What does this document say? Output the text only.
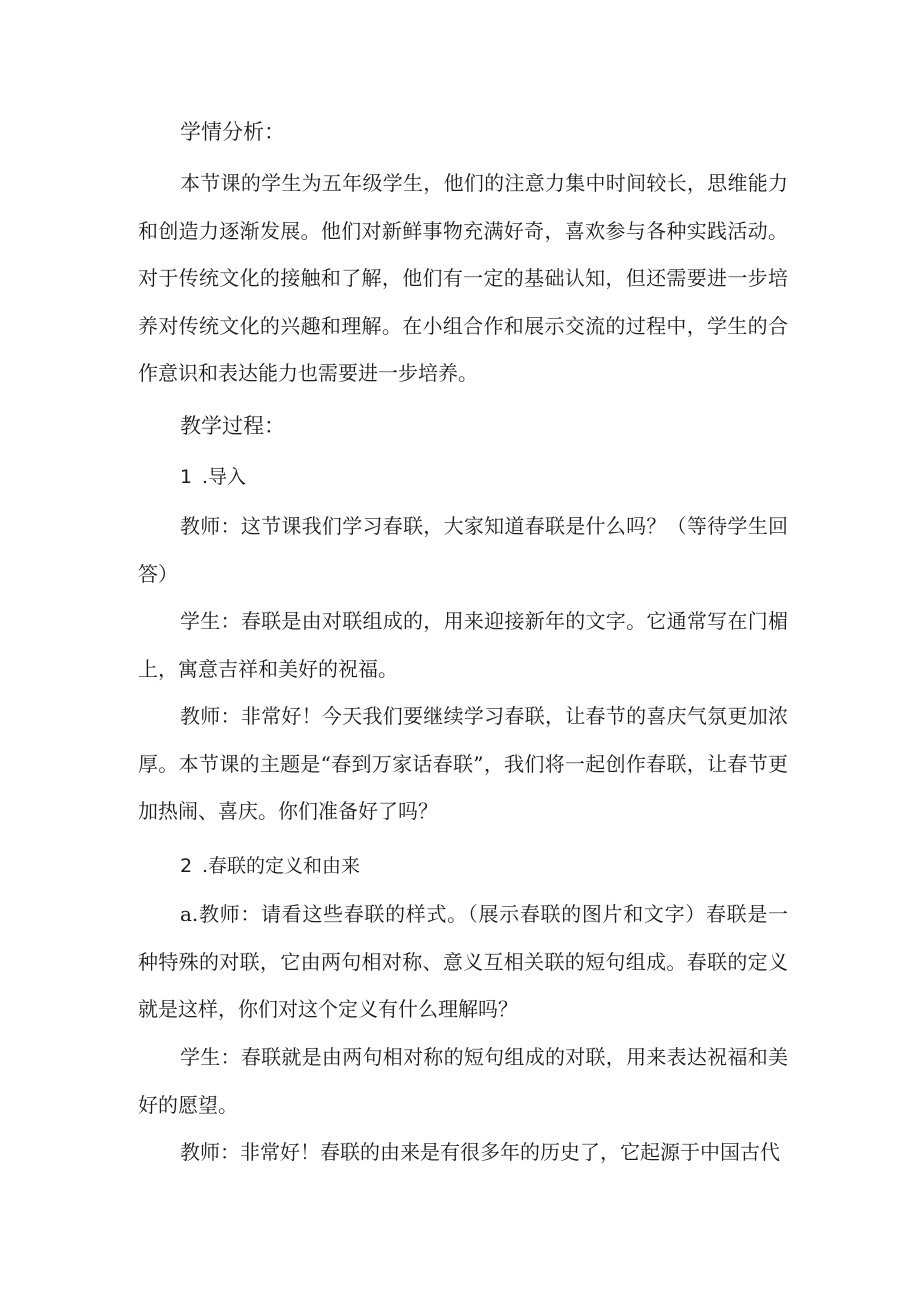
学情分析：

本节课的学生为五年级学生，他们的注意力集中时间较长，思维能力和创造力逐渐发展。他们对新鲜事物充满好奇，喜欢参与各种实践活动。对于传统文化的接触和了解，他们有一定的基础认知，但还需要进一步培养对传统文化的兴趣和理解。在小组合作和展示交流的过程中，学生的合作意识和表达能力也需要进一步培养。

教学过程：
1 .导入

教师：这节课我们学习春联，大家知道春联是什么吗？（等待学生回答）

学生：春联是由对联组成的，用来迎接新年的文字。它通常写在门楣上，寓意吉祥和美好的祝福。

教师：非常好！今天我们要继续学习春联，让春节的喜庆气氛更加浓厚。本节课的主题是“春到万家话春联”，我们将一起创作春联，让春节更加热闹、喜庆。你们准备好了吗？

2 .春联的定义和由来

a.教师：请看这些春联的样式。（展示春联的图片和文字）春联是一种特殊的对联，它由两句相对称、意义互相关联的短句组成。春联的定义就是这样，你们对这个定义有什么理解吗？

学生：春联就是由两句相对称的短句组成的对联，用来表达祝福和美好的愿望。

教师：非常好！春联的由来是有很多年的历史了，它起源于中国古代
